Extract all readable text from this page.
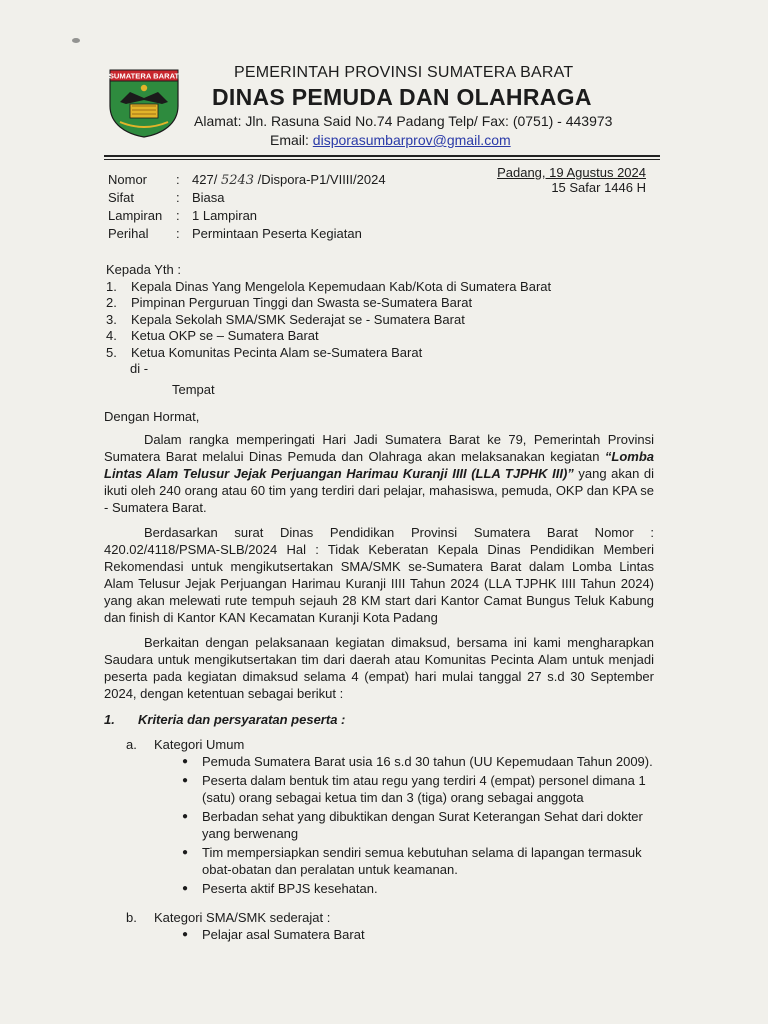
SUMATERA BARAT	PEMERINTAH PROVINSI SUMATERA BARAT
DINAS PEMUDA DAN OLAHRAGA
Alamat: Jln. Rasuna Said No.74 Padang Telp/ Fax: (0751) - 443973
Email: disporasumbarprov@gmail.com
Nomor	: 427/ 5243 /Dispora-P1/VIIII/2024
Sifat	: Biasa
Lampiran	: 1 Lampiran
Perihal	: Permintaan Peserta Kegiatan
Padang, 19 Agustus 2024
15 Safar 1446 H
Kepada Yth :
1.	Kepala Dinas Yang Mengelola Kepemudaan Kab/Kota di Sumatera Barat
2.	Pimpinan Perguruan Tinggi dan Swasta se-Sumatera Barat
3.	Kepala Sekolah SMA/SMK Sederajat se - Sumatera Barat
4.	Ketua OKP se – Sumatera Barat
5.	Ketua Komunitas Pecinta Alam se-Sumatera Barat
di -
Tempat

Dengan Hormat,

Dalam rangka memperingati Hari Jadi Sumatera Barat ke 79, Pemerintah Provinsi Sumatera Barat melalui Dinas Pemuda dan Olahraga akan melaksanakan kegiatan “Lomba Lintas Alam Telusur Jejak Perjuangan Harimau Kuranji IIII (LLA TJPHK III)” yang akan di ikuti oleh 240 orang atau 60 tim yang terdiri dari pelajar, mahasiswa, pemuda, OKP dan KPA se - Sumatera Barat.

Berdasarkan surat Dinas Pendidikan Provinsi Sumatera Barat Nomor : 420.02/4118/PSMA-SLB/2024 Hal : Tidak Keberatan Kepala Dinas Pendidikan Memberi Rekomendasi untuk mengikutsertakan SMA/SMK se-Sumatera Barat dalam Lomba Lintas Alam Telusur Jejak Perjuangan Harimau Kuranji IIII Tahun 2024 (LLA TJPHK IIII Tahun 2024) yang akan melewati rute tempuh sejauh 28 KM start dari Kantor Camat Bungus Teluk Kabung dan finish di Kantor KAN Kecamatan Kuranji Kota Padang

Berkaitan dengan pelaksanaan kegiatan dimaksud, bersama ini kami mengharapkan Saudara untuk mengikutsertakan tim dari daerah atau Komunitas Pecinta Alam untuk menjadi peserta pada kegiatan dimaksud selama 4 (empat) hari mulai tanggal 27 s.d 30 September 2024, dengan ketentuan sebagai berikut :

1.	Kriteria dan persyaratan peserta :
a.	Kategori Umum
●	Pemuda Sumatera Barat usia 16 s.d 30 tahun (UU Kepemudaan Tahun 2009).
●	Peserta dalam bentuk tim atau regu yang terdiri 4 (empat) personel dimana 1 (satu) orang sebagai ketua tim dan 3 (tiga) orang sebagai anggota
●	Berbadan sehat yang dibuktikan dengan Surat Keterangan Sehat dari dokter yang berwenang
●	Tim mempersiapkan sendiri semua kebutuhan selama di lapangan termasuk obat-obatan dan peralatan untuk keamanan.
●	Peserta aktif BPJS kesehatan.
b.	Kategori SMA/SMK sederajat :
●	Pelajar asal Sumatera Barat
